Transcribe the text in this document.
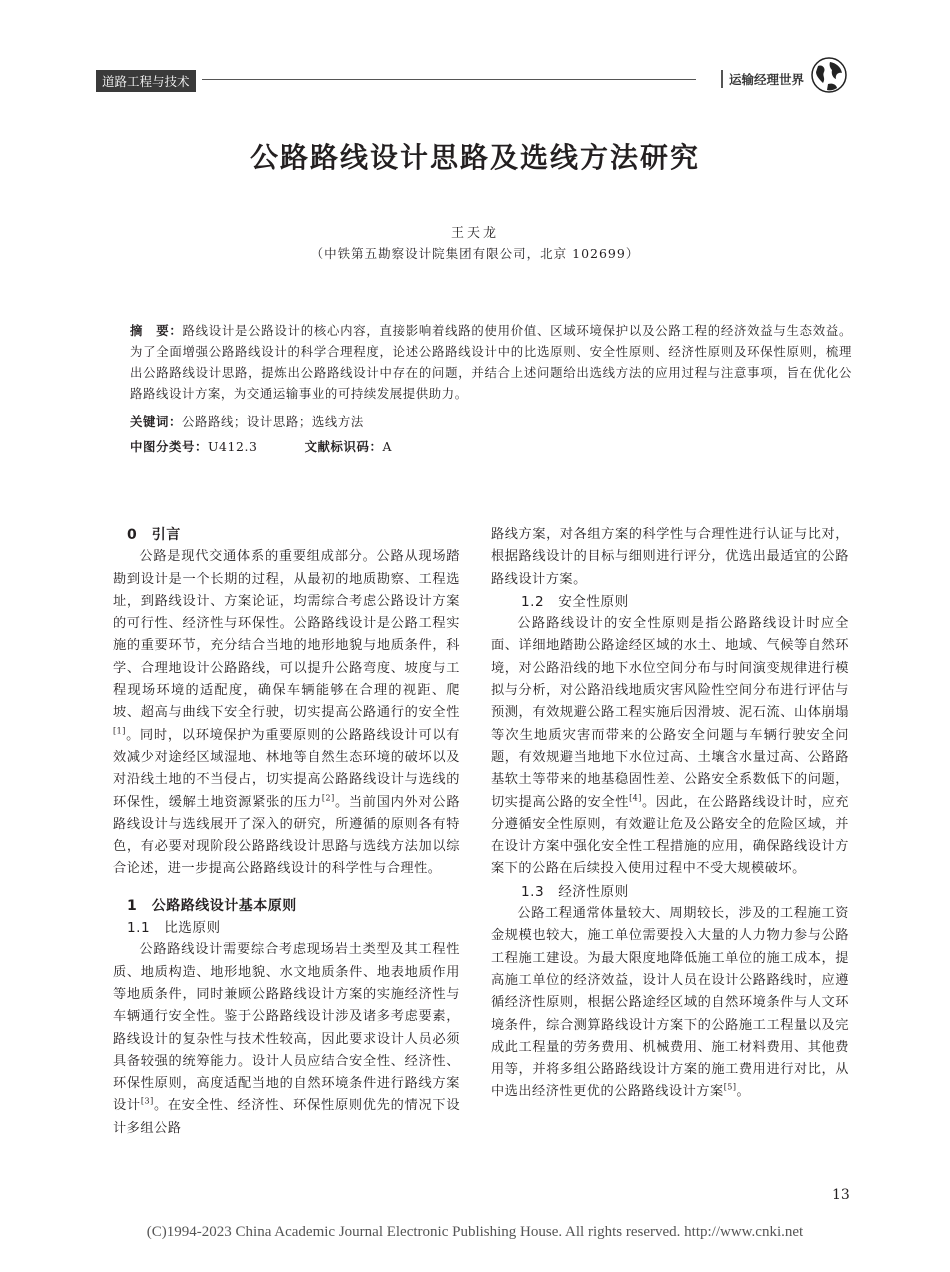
道路工程与技术	运输经理世界
公路路线设计思路及选线方法研究
王天龙
（中铁第五勘察设计院集团有限公司，北京 102699）

摘　要：路线设计是公路设计的核心内容，直接影响着线路的使用价值、区域环境保护以及公路工程的经济效益与生态效益。为了全面增强公路路线设计的科学合理程度，论述公路路线设计中的比选原则、安全性原则、经济性原则及环保性原则，梳理出公路路线设计思路，提炼出公路路线设计中存在的问题，并结合上述问题给出选线方法的应用过程与注意事项，旨在优化公路路线设计方案，为交通运输事业的可持续发展提供助力。

关键词：公路路线；设计思路；选线方法
中图分类号：U412.3	文献标识码：A

0　引言

公路是现代交通体系的重要组成部分。公路从现场踏勘到设计是一个长期的过程，从最初的地质勘察、工程选址，到路线设计、方案论证，均需综合考虑公路设计方案的可行性、经济性与环保性。公路路线设计是公路工程实施的重要环节，充分结合当地的地形地貌与地质条件，科学、合理地设计公路路线，可以提升公路弯度、坡度与工程现场环境的适配度，确保车辆能够在合理的视距、爬坡、超高与曲线下安全行驶，切实提高公路通行的安全性[1]。同时，以环境保护为重要原则的公路路线设计可以有效减少对途经区域湿地、林地等自然生态环境的破坏以及对沿线土地的不当侵占，切实提高公路路线设计与选线的环保性，缓解土地资源紧张的压力[2]。当前国内外对公路路线设计与选线展开了深入的研究，所遵循的原则各有特色，有必要对现阶段公路路线设计思路与选线方法加以综合论述，进一步提高公路路线设计的科学性与合理性。

1　公路路线设计基本原则

1.1　比选原则

公路路线设计需要综合考虑现场岩土类型及其工程性质、地质构造、地形地貌、水文地质条件、地表地质作用等地质条件，同时兼顾公路路线设计方案的实施经济性与车辆通行安全性。鉴于公路路线设计涉及诸多考虑要素，路线设计的复杂性与技术性较高，因此要求设计人员必须具备较强的统筹能力。设计人员应结合安全性、经济性、环保性原则，高度适配当地的自然环境条件进行路线方案设计[3]。在安全性、经济性、环保性原则优先的情况下设计多组公路

路线方案，对各组方案的科学性与合理性进行认证与比对，根据路线设计的目标与细则进行评分，优选出最适宜的公路路线设计方案。

1.2　安全性原则

公路路线设计的安全性原则是指公路路线设计时应全面、详细地踏勘公路途经区域的水土、地域、气候等自然环境，对公路沿线的地下水位空间分布与时间演变规律进行模拟与分析，对公路沿线地质灾害风险性空间分布进行评估与预测，有效规避公路工程实施后因滑坡、泥石流、山体崩塌等次生地质灾害而带来的公路安全问题与车辆行驶安全问题，有效规避当地地下水位过高、土壤含水量过高、公路路基软土等带来的地基稳固性差、公路安全系数低下的问题，切实提高公路的安全性[4]。因此，在公路路线设计时，应充分遵循安全性原则，有效避让危及公路安全的危险区域，并在设计方案中强化安全性工程措施的应用，确保路线设计方案下的公路在后续投入使用过程中不受大规模破坏。

1.3　经济性原则

公路工程通常体量较大、周期较长，涉及的工程施工资金规模也较大，施工单位需要投入大量的人力物力参与公路工程施工建设。为最大限度地降低施工单位的施工成本，提高施工单位的经济效益，设计人员在设计公路路线时，应遵循经济性原则，根据公路途经区域的自然环境条件与人文环境条件，综合测算路线设计方案下的公路施工工程量以及完成此工程量的劳务费用、机械费用、施工材料费用、其他费用等，并将多组公路路线设计方案的施工费用进行对比，从中选出经济性更优的公路路线设计方案[5]。

13
(C)1994-2023 China Academic Journal Electronic Publishing House. All rights reserved. http://www.cnki.net
